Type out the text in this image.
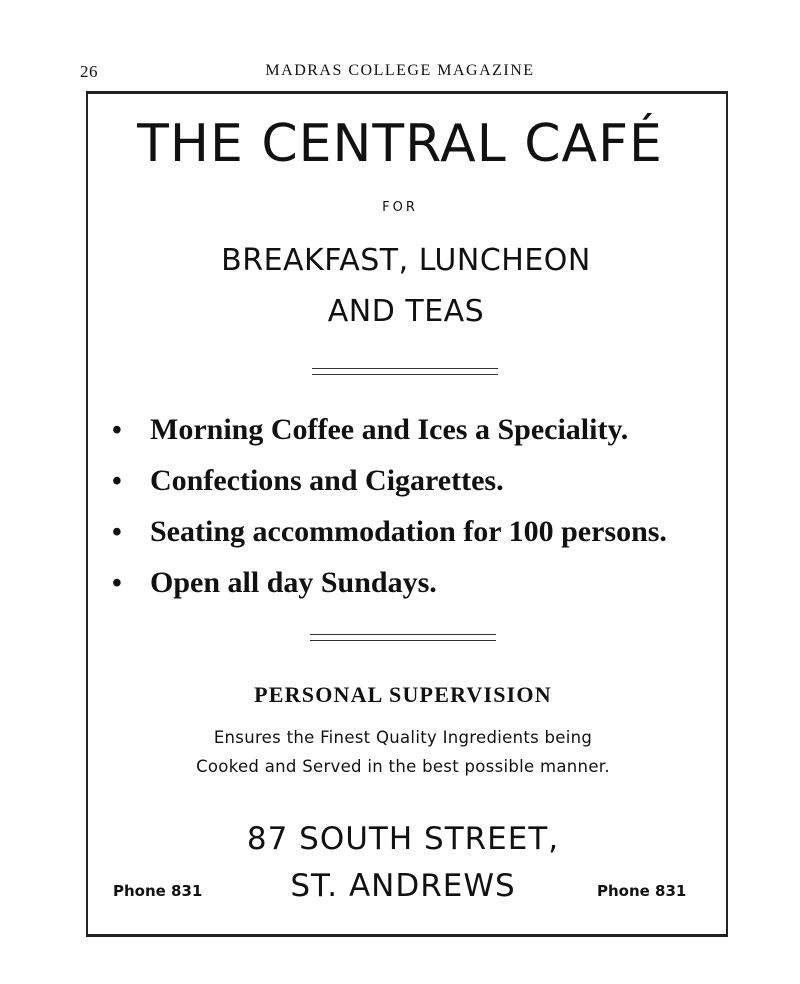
26	MADRAS COLLEGE MAGAZINE
THE CENTRAL CAFÉ
FOR
BREAKFAST, LUNCHEON
AND TEAS
• Morning Coffee and Ices a Speciality.
• Confections and Cigarettes.
• Seating accommodation for 100 persons.
• Open all day Sundays.
PERSONAL SUPERVISION
Ensures the Finest Quality Ingredients being
Cooked and Served in the best possible manner.
87 SOUTH STREET,
ST. ANDREWS
Phone 831	Phone 831
